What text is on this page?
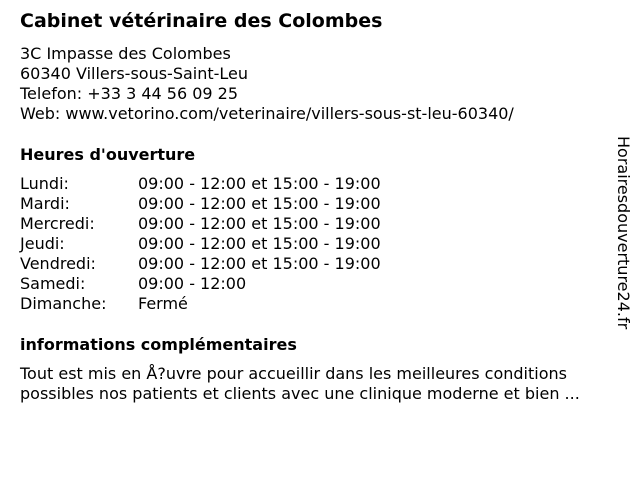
Cabinet vétérinaire des Colombes
3C Impasse des Colombes
60340 Villers-sous-Saint-Leu
Telefon: +33 3 44 56 09 25
Web: www.vetorino.com/veterinaire/villers-sous-st-leu-60340/
Heures d'ouverture
Lundi:	09:00 - 12:00 et 15:00 - 19:00
Mardi:	09:00 - 12:00 et 15:00 - 19:00
Mercredi:	09:00 - 12:00 et 15:00 - 19:00
Jeudi:	09:00 - 12:00 et 15:00 - 19:00
Vendredi:	09:00 - 12:00 et 15:00 - 19:00
Samedi:	09:00 - 12:00
Dimanche:	Fermé
informations complémentaires
Tout est mis en Å?uvre pour accueillir dans les meilleures conditions
possibles nos patients et clients avec une clinique moderne et bien ...
Horairesdouverture24.fr
